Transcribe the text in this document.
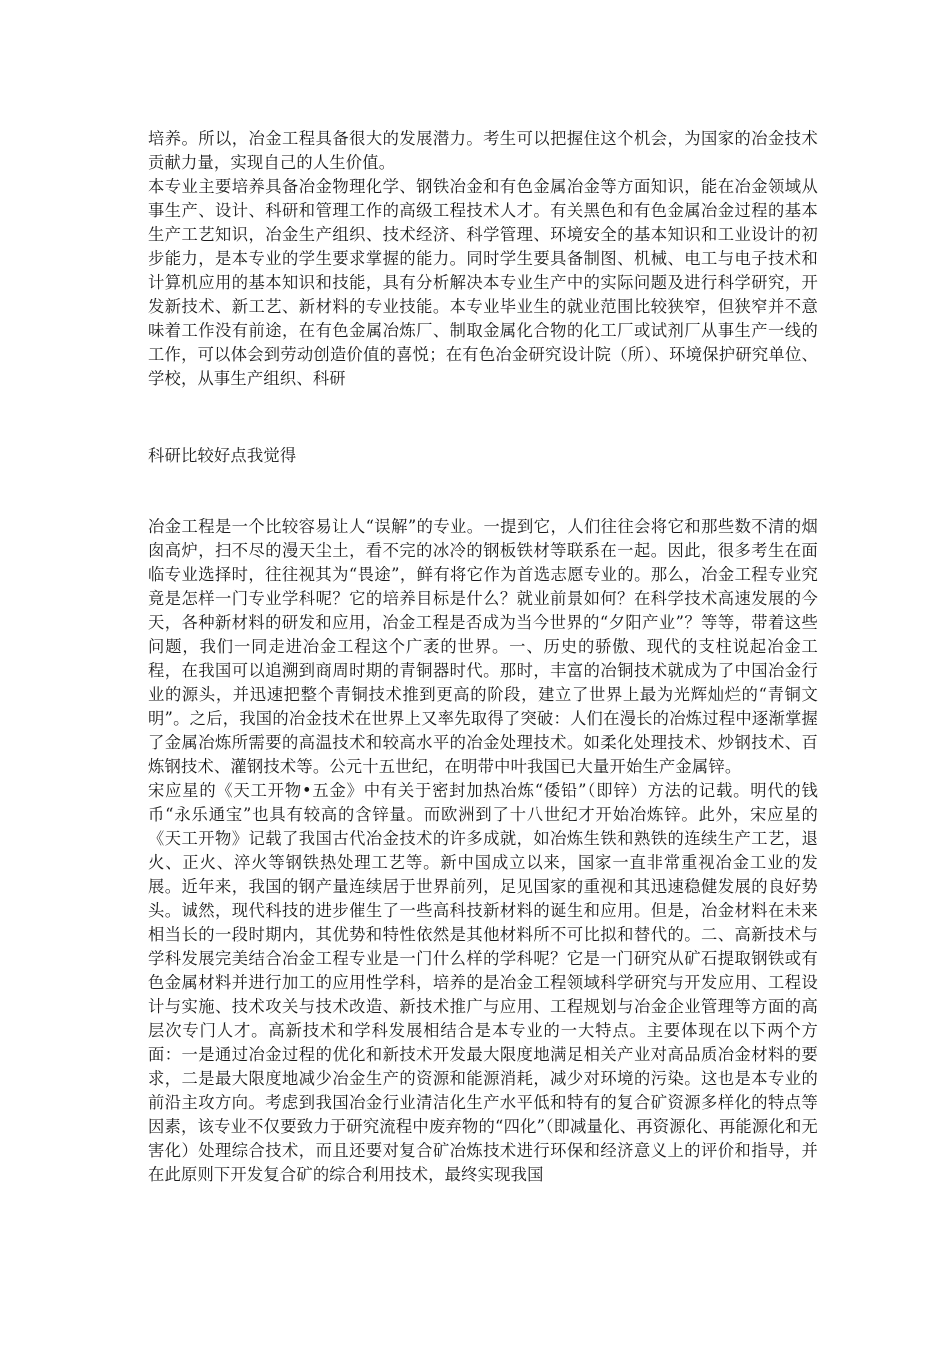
培养。所以，冶金工程具备很大的发展潜力。考生可以把握住这个机会，为国家的冶金技术贡献力量，实现自己的人生价值。

本专业主要培养具备冶金物理化学、钢铁冶金和有色金属冶金等方面知识，能在冶金领域从事生产、设计、科研和管理工作的高级工程技术人才。有关黑色和有色金属冶金过程的基本生产工艺知识，冶金生产组织、技术经济、科学管理、环境安全的基本知识和工业设计的初步能力，是本专业的学生要求掌握的能力。同时学生要具备制图、机械、电工与电子技术和计算机应用的基本知识和技能，具有分析解决本专业生产中的实际问题及进行科学研究，开发新技术、新工艺、新材料的专业技能。本专业毕业生的就业范围比较狭窄，但狭窄并不意味着工作没有前途，在有色金属冶炼厂、制取金属化合物的化工厂或试剂厂从事生产一线的工作，可以体会到劳动创造价值的喜悦；在有色冶金研究设计院（所）、环境保护研究单位、学校，从事生产组织、科研

科研比较好点我觉得

冶金工程是一个比较容易让人“误解”的专业。一提到它，人们往往会将它和那些数不清的烟囱高炉，扫不尽的漫天尘土，看不完的冰冷的钢板铁材等联系在一起。因此，很多考生在面临专业选择时，往往视其为“畏途”，鲜有将它作为首选志愿专业的。那么，冶金工程专业究竟是怎样一门专业学科呢？它的培养目标是什么？就业前景如何？在科学技术高速发展的今天，各种新材料的研发和应用，冶金工程是否成为当今世界的“夕阳产业”？等等，带着这些问题，我们一同走进冶金工程这个广袤的世界。一、历史的骄傲、现代的支柱说起冶金工程，在我国可以追溯到商周时期的青铜器时代。那时，丰富的冶铜技术就成为了中国冶金行业的源头，并迅速把整个青铜技术推到更高的阶段，建立了世界上最为光辉灿烂的“青铜文明”。之后，我国的冶金技术在世界上又率先取得了突破：人们在漫长的冶炼过程中逐渐掌握了金属冶炼所需要的高温技术和较高水平的冶金处理技术。如柔化处理技术、炒钢技术、百炼钢技术、灌钢技术等。公元十五世纪，在明带中叶我国已大量开始生产金属锌。

宋应星的《天工开物•五金》中有关于密封加热冶炼“倭铅”（即锌）方法的记载。明代的钱币“永乐通宝”也具有较高的含锌量。而欧洲到了十八世纪才开始冶炼锌。此外，宋应星的《天工开物》记载了我国古代冶金技术的许多成就，如冶炼生铁和熟铁的连续生产工艺，退火、正火、淬火等钢铁热处理工艺等。新中国成立以来，国家一直非常重视冶金工业的发展。近年来，我国的钢产量连续居于世界前列，足见国家的重视和其迅速稳健发展的良好势头。诚然，现代科技的进步催生了一些高科技新材料的诞生和应用。但是，冶金材料在未来相当长的一段时期内，其优势和特性依然是其他材料所不可比拟和替代的。二、高新技术与学科发展完美结合冶金工程专业是一门什么样的学科呢？它是一门研究从矿石提取钢铁或有色金属材料并进行加工的应用性学科，培养的是冶金工程领域科学研究与开发应用、工程设计与实施、技术攻关与技术改造、新技术推广与应用、工程规划与冶金企业管理等方面的高层次专门人才。高新技术和学科发展相结合是本专业的一大特点。主要体现在以下两个方面：一是通过冶金过程的优化和新技术开发最大限度地满足相关产业对高品质冶金材料的要求，二是最大限度地减少冶金生产的资源和能源消耗，减少对环境的污染。这也是本专业的前沿主攻方向。考虑到我国冶金行业清洁化生产水平低和特有的复合矿资源多样化的特点等因素，该专业不仅要致力于研究流程中废弃物的“四化”（即减量化、再资源化、再能源化和无害化）处理综合技术，而且还要对复合矿冶炼技术进行环保和经济意义上的评价和指导，并在此原则下开发复合矿的综合利用技术，最终实现我国
